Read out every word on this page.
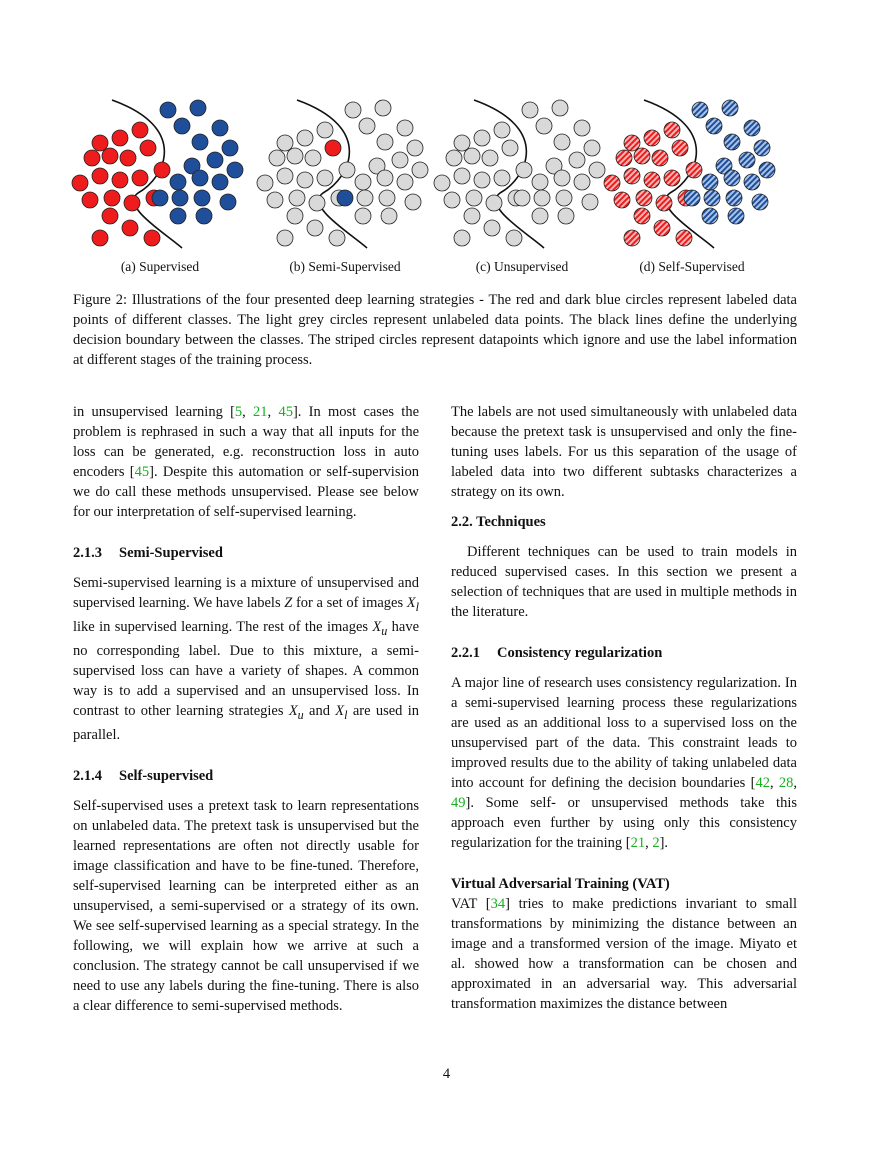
(a) Supervised	(b) Semi-Supervised	(c) Unsupervised	(d) Self-Supervised
Figure 2: Illustrations of the four presented deep learning strategies - The red and dark blue circles represent labeled data points of different classes. The light grey circles represent unlabeled data points. The black lines define the underlying decision boundary between the classes. The striped circles represent datapoints which ignore and use the label information at different stages of the training process.

in unsupervised learning [5, 21, 45]. In most cases the problem is rephrased in such a way that all inputs for the loss can be generated, e.g. reconstruction loss in auto encoders [45]. Despite this automation or self-supervision we do call these methods unsupervised. Please see below for our interpretation of self-supervised learning.

2.1.3 Semi-Supervised

Semi-supervised learning is a mixture of unsupervised and supervised learning. We have labels Z for a set of images $X_l$ like in supervised learning. The rest of the images $X_u$ have no corresponding label. Due to this mixture, a semi-supervised loss can have a variety of shapes. A common way is to add a supervised and an unsupervised loss. In contrast to other learning strategies $X_u$ and $X_l$ are used in parallel.

2.1.4 Self-supervised

Self-supervised uses a pretext task to learn representations on unlabeled data. The pretext task is unsupervised but the learned representations are often not directly usable for image classification and have to be fine-tuned. Therefore, self-supervised learning can be interpreted either as an unsupervised, a semi-supervised or a strategy of its own. We see self-supervised learning as a special strategy. In the following, we will explain how we arrive at such a conclusion. The strategy cannot be call unsupervised if we need to use any labels during the fine-tuning. There is also a clear difference to semi-supervised methods.

The labels are not used simultaneously with unlabeled data because the pretext task is unsupervised and only the fine-tuning uses labels. For us this separation of the usage of labeled data into two different subtasks characterizes a strategy on its own.

2.2. Techniques

Different techniques can be used to train models in reduced supervised cases. In this section we present a selection of techniques that are used in multiple methods in the literature.

2.2.1 Consistency regularization

A major line of research uses consistency regularization. In a semi-supervised learning process these regularizations are used as an additional loss to a supervised loss on the unsupervised part of the data. This constraint leads to improved results due to the ability of taking unlabeled data into account for defining the decision boundaries [42, 28, 49]. Some self- or unsupervised methods take this approach even further by using only this consistency regularization for the training [21, 2].

Virtual Adversarial Training (VAT)

VAT [34] tries to make predictions invariant to small transformations by minimizing the distance between an image and a transformed version of the image. Miyato et al. showed how a transformation can be chosen and approximated in an adversarial way. This adversarial transformation maximizes the distance between

4
